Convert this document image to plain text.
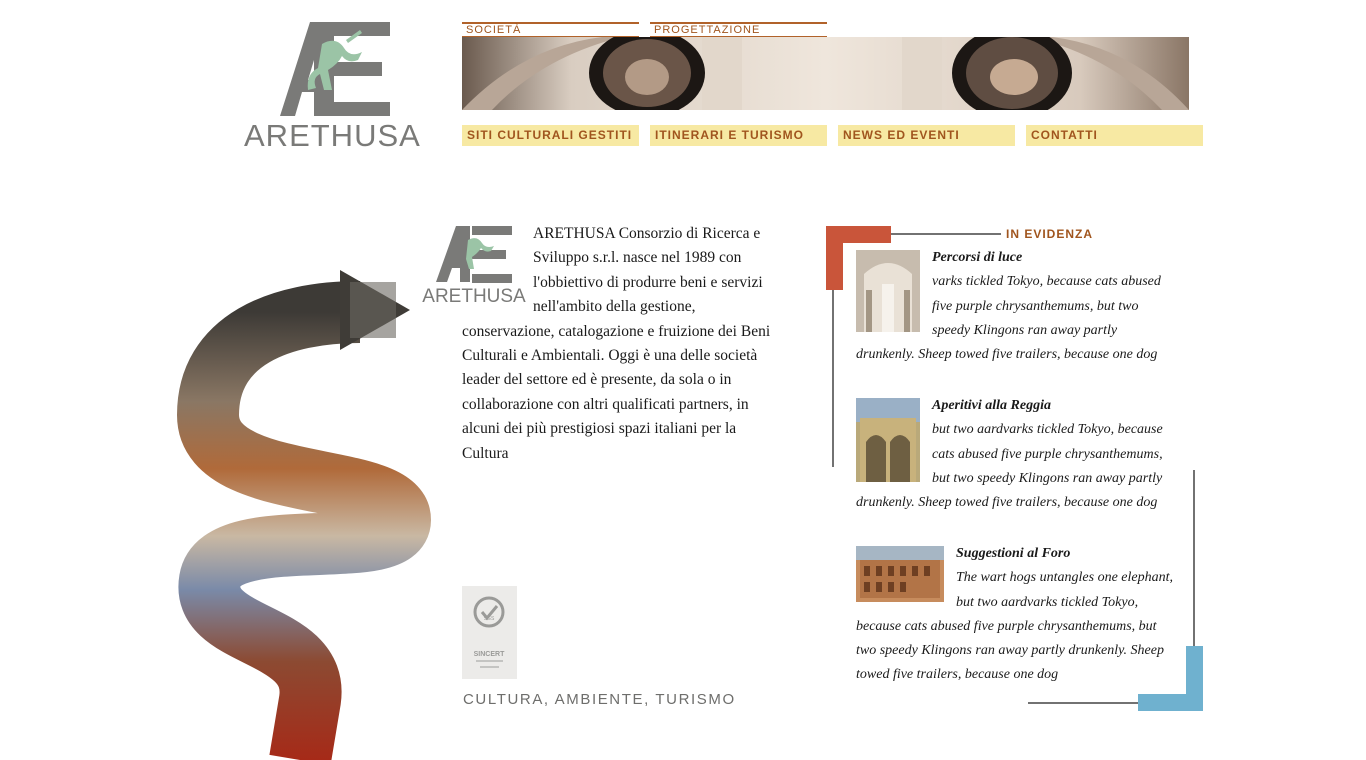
ARETHUSA
SOCIETÀ	PROGETTAZIONE
SITI CULTURALI GESTITI	ITINERARI E TURISMO	NEWS ED EVENTI	CONTATTI
ARETHUSA
ARETHUSA Consorzio di Ricerca e Sviluppo s.r.l. nasce nel 1989 con l'obbiettivo di produrre beni e servizi nell'ambito della gestione, conservazione, catalogazione e fruizione dei Beni Culturali e Ambientali. Oggi è una delle società leader del settore ed è presente, da sola o in collaborazione con altri qualificati partners, in alcuni dei più prestigiosi spazi italiani per la Cultura
SGS
SINCERT
CULTURA, AMBIENTE, TURISMO
IN EVIDENZA
Percorsi di luce
varks tickled Tokyo, because cats abused five purple chrysanthemums, but two speedy Klingons ran away partly drunkenly. Sheep towed five trailers, because one dog
Aperitivi alla Reggia
but two aardvarks tickled Tokyo, because cats abused five purple chrysanthemums, but two speedy Klingons ran away partly drunkenly. Sheep towed five trailers, because one dog
Suggestioni al Foro
The wart hogs untangles one elephant, but two aardvarks tickled Tokyo, because cats abused five purple chrysanthemums, but two speedy Klingons ran away partly drunkenly. Sheep towed five trailers, because one dog
